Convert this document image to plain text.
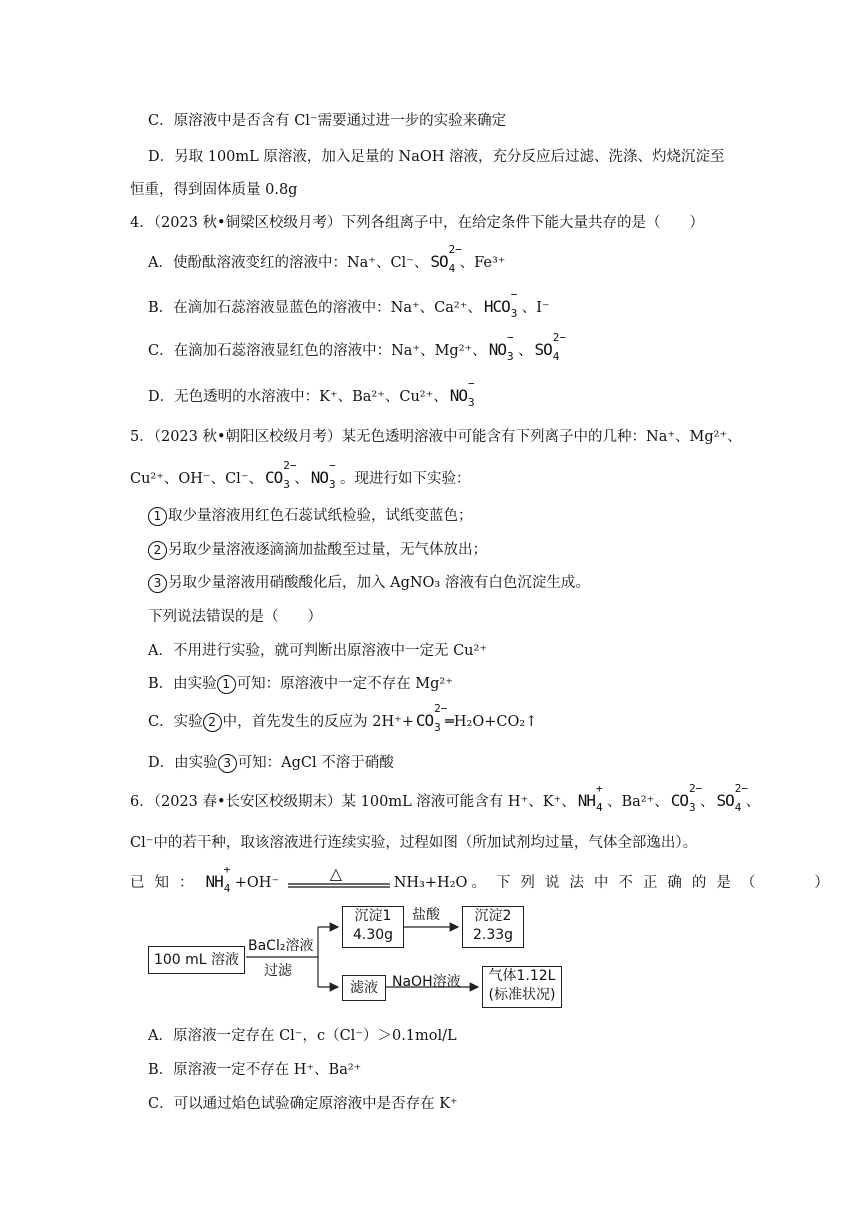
C．原溶液中是否含有 Cl⁻需要通过进一步的实验来确定
D．另取 100mL 原溶液，加入足量的 NaOH 溶液，充分反应后过滤、洗涤、灼烧沉淀至
恒重，得到固体质量 0.8g
4．（2023 秋•铜梁区校级月考）下列各组离子中，在给定条件下能大量共存的是（　　）
A．使酚酞溶液变红的溶液中：Na⁺、Cl⁻、 SO
2−
4 、Fe³⁺
B．在滴加石蕊溶液显蓝色的溶液中：Na⁺、Ca²⁺、 HCO
−
3 、I⁻
C．在滴加石蕊溶液显红色的溶液中：Na⁺、Mg²⁺、 NO
−
3 、 SO
2−
4
D．无色透明的水溶液中：K⁺、Ba²⁺、Cu²⁺、 NO
−
3
5．（2023 秋•朝阳区校级月考）某无色透明溶液中可能含有下列离子中的几种：Na⁺、Mg²⁺、
Cu²⁺、OH⁻、Cl⁻、 CO
2−
3 、 NO
−
3 。现进行如下实验：
1 取少量溶液用红色石蕊试纸检验，试纸变蓝色；
2 另取少量溶液逐滴滴加盐酸至过量，无气体放出；
3 另取少量溶液用硝酸酸化后，加入 AgNO₃ 溶液有白色沉淀生成。
下列说法错误的是（　　）
A．不用进行实验，就可判断出原溶液中一定无 Cu²⁺
B．由实验 1 可知：原溶液中一定不存在 Mg²⁺
C．实验 2 中，首先发生的反应为 2H⁺+ CO
2−
3 ═H₂O+CO₂↑
D．由实验 3 可知：AgCl 不溶于硝酸
6．（2023 春•长安区校级期末）某 100mL 溶液可能含有 H⁺、K⁺、 NH
+
4 、Ba²⁺、 CO
2−
3 、 SO
2−
4 、
Cl⁻中的若干种，取该溶液进行连续实验，过程如图（所加试剂均过量，气体全部逸出）。
已知： NH
+
4 +OH⁻	△	NH₃+H₂O 。下列说法中不正确的是（　　）
100 mL 溶液
BaCl₂溶液
过滤
沉淀1
4.30g
盐酸	沉淀2
2.33g
滤液	NaOH溶液	气体1.12L
(标准状况)
A．原溶液一定存在 Cl⁻，c（Cl⁻）＞0.1mol/L
B．原溶液一定不存在 H⁺、Ba²⁺
C．可以通过焰色试验确定原溶液中是否存在 K⁺
